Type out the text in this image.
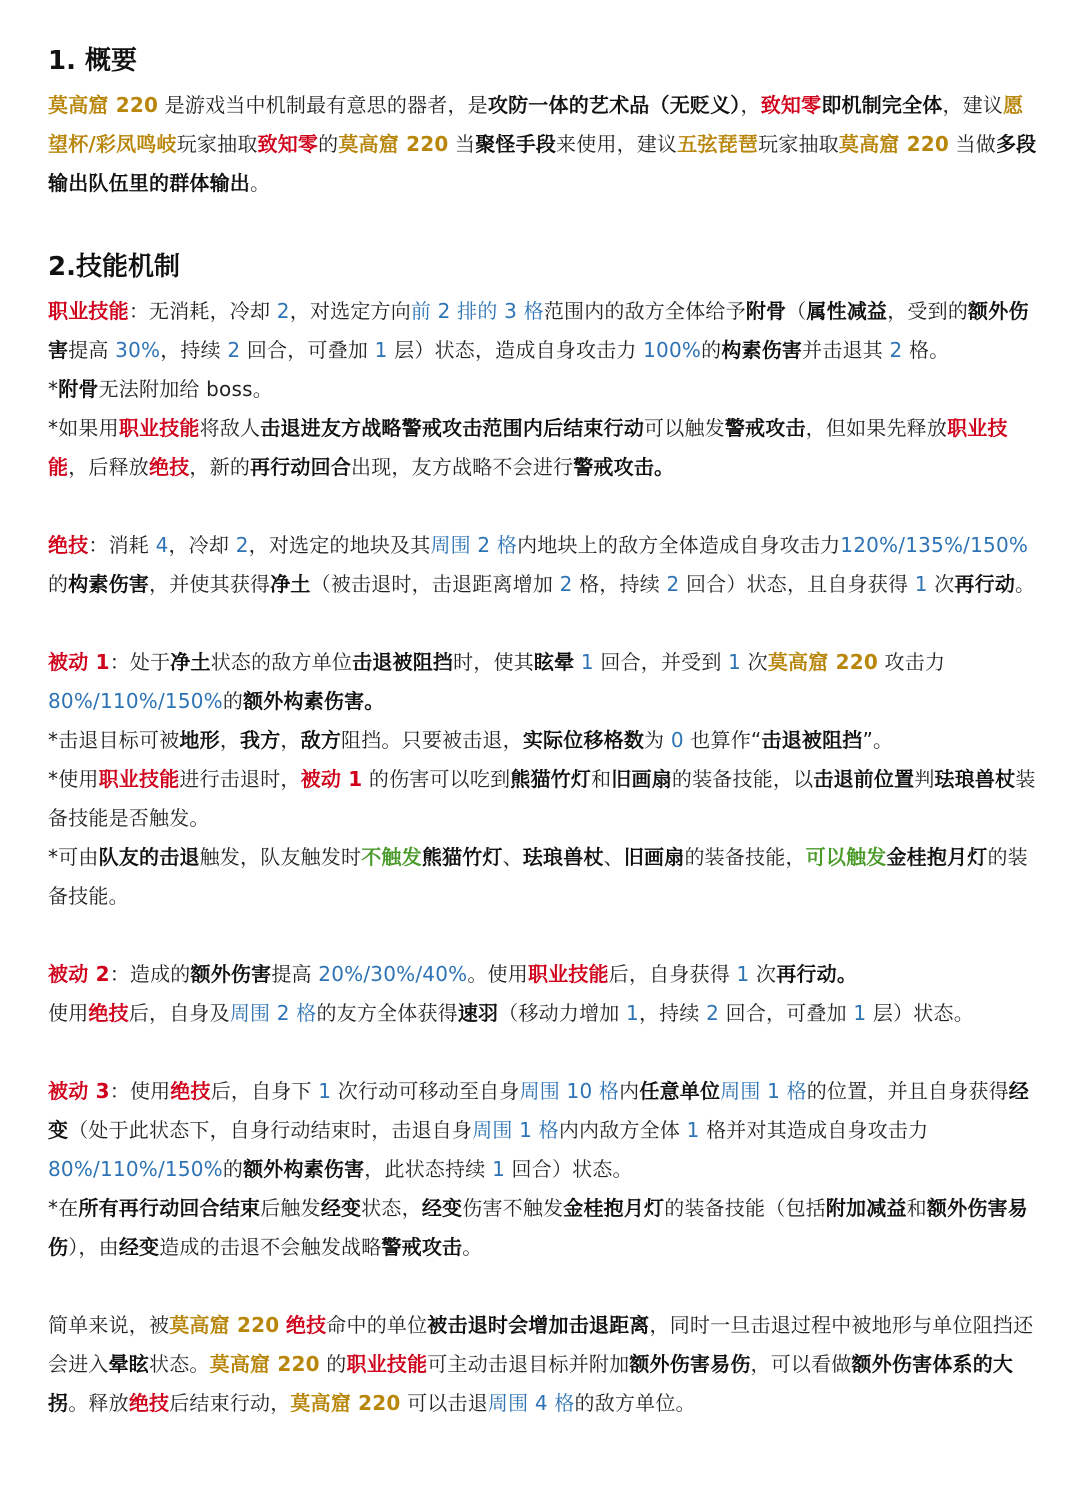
1. 概要

莫高窟 220 是游戏当中机制最有意思的器者，是攻防一体的艺术品（无贬义），致知零即机制完全体，建议愿望杯/彩凤鸣岐玩家抽取致知零的莫高窟 220 当聚怪手段来使用，建议五弦琵琶玩家抽取莫高窟 220 当做多段输出队伍里的群体输出。

2.技能机制

职业技能：无消耗，冷却 2，对选定方向前 2 排的 3 格范围内的敌方全体给予附骨（属性减益，受到的额外伤害提高 30%，持续 2 回合，可叠加 1 层）状态，造成自身攻击力 100%的构素伤害并击退其 2 格。

*附骨无法附加给 boss。

*如果用职业技能将敌人击退进友方战略警戒攻击范围内后结束行动可以触发警戒攻击，但如果先释放职业技能，后释放绝技，新的再行动回合出现，友方战略不会进行警戒攻击。

绝技：消耗 4，冷却 2，对选定的地块及其周围 2 格内地块上的敌方全体造成自身攻击力120%/135%/150%的构素伤害，并使其获得净土（被击退时，击退距离增加 2 格，持续 2 回合）状态，且自身获得 1 次再行动。

被动 1：处于净土状态的敌方单位击退被阻挡时，使其眩晕 1 回合，并受到 1 次莫高窟 220 攻击力80%/110%/150%的额外构素伤害。

*击退目标可被地形，我方，敌方阻挡。只要被击退，实际位移格数为 0 也算作“击退被阻挡”。

*使用职业技能进行击退时，被动 1 的伤害可以吃到熊猫竹灯和旧画扇的装备技能，以击退前位置判珐琅兽杖装备技能是否触发。

*可由队友的击退触发，队友触发时不触发熊猫竹灯、珐琅兽杖、旧画扇的装备技能，可以触发金桂抱月灯的装备技能。

被动 2：造成的额外伤害提高 20%/30%/40%。使用职业技能后，自身获得 1 次再行动。

使用绝技后，自身及周围 2 格的友方全体获得速羽（移动力增加 1，持续 2 回合，可叠加 1 层）状态。

被动 3：使用绝技后，自身下 1 次行动可移动至自身周围 10 格内任意单位周围 1 格的位置，并且自身获得经变（处于此状态下，自身行动结束时，击退自身周围 1 格内内敌方全体 1 格并对其造成自身攻击力 80%/110%/150%的额外构素伤害，此状态持续 1 回合）状态。

*在所有再行动回合结束后触发经变状态，经变伤害不触发金桂抱月灯的装备技能（包括附加减益和额外伤害易伤），由经变造成的击退不会触发战略警戒攻击。

简单来说，被莫高窟 220 绝技命中的单位被击退时会增加击退距离，同时一旦击退过程中被地形与单位阻挡还会进入晕眩状态。莫高窟 220 的职业技能可主动击退目标并附加额外伤害易伤，可以看做额外伤害体系的大拐。释放绝技后结束行动，莫高窟 220 可以击退周围 4 格的敌方单位。
